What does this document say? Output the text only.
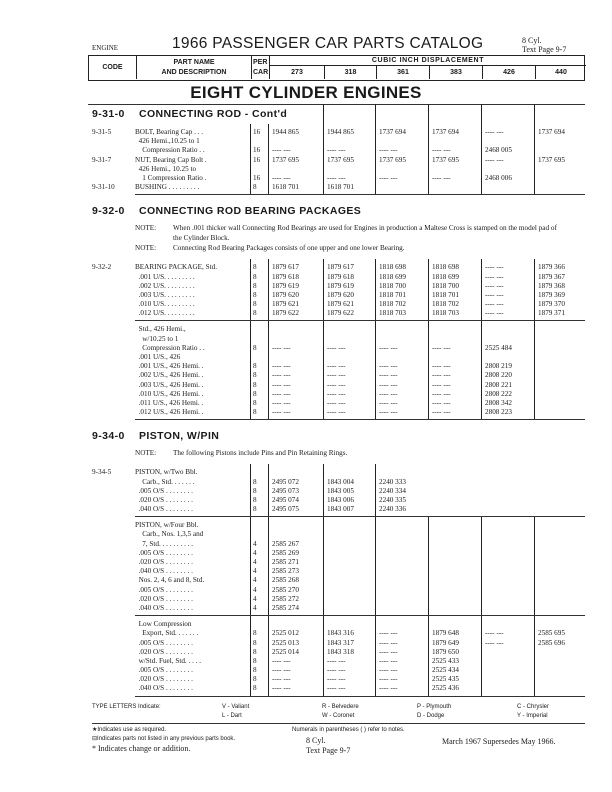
ENGINE	1966 PASSENGER CAR PARTS CATALOG	8 Cyl.
Text Page 9-7
CODE
PART NAME
AND DESCRIPTION
PER
CAR
CUBIC INCH DISPLACEMENT
273	318	361	383	426	440
EIGHT CYLINDER ENGINES
9-31-0 CONNECTING ROD - Cont'd
9-31-5	BOLT, Bearing Cap . . .	16	1944 865	1944 865	1737 694	1737 694	---- ---	1737 694
426 Hemi.,10.25 to 1
Compression Ratio . .	16	---- ---	---- ---	---- ---	---- ---	2468 005
9-31-7	NUT, Bearing Cap Bolt .	16	1737 695	1737 695	1737 695	1737 695	---- ---	1737 695
426 Hemi., 10.25 to
1 Compression Ratio .	16	---- ---	---- ---	---- ---	---- ---	2468 006
9-31-10	BUSHING . . . . . . . . .	8	1618 701	1618 701
9-32-0 CONNECTING ROD BEARING PACKAGES
NOTE:	When .001 thicker wall Connecting Rod Bearings are used for Engines in production a Maltese Cross is stamped on the model pad of the Cylinder Block.
NOTE:	Connecting Rod Bearing Packages consists of one upper and one lower Bearing.
9-32-2	BEARING PACKAGE, Std.	8	1879 617	1879 617	1818 698	1818 698	---- ---	1879 366
.001 U/S. . . . . . . . .	8	1879 618	1879 618	1818 699	1818 699	---- ---	1879 367
.002 U/S. . . . . . . . .	8	1879 619	1879 619	1818 700	1818 700	---- ---	1879 368
.003 U/S. . . . . . . . .	8	1879 620	1879 620	1818 701	1818 701	---- ---	1879 369
.010 U/S. . . . . . . . .	8	1879 621	1879 621	1818 702	1818 702	---- ---	1879 370
.012 U/S. . . . . . . . .	8	1879 622	1879 622	1818 703	1818 703	---- ---	1879 371
Std., 426 Hemi.,
w/10.25 to 1
Compression Ratio . .	8	---- ---	---- ---	---- ---	---- ---	2525 484
.001 U/S., 426
.001 U/S., 426 Hemi. .	8	---- ---	---- ---	---- ---	---- ---	2808 219
.002 U/S., 426 Hemi. .	8	---- ---	---- ---	---- ---	---- ---	2808 220
.003 U/S., 426 Hemi. .	8	---- ---	---- ---	---- ---	---- ---	2808 221
.010 U/S., 426 Hemi. .	8	---- ---	---- ---	---- ---	---- ---	2808 222
.011 U/S., 426 Hemi. .	8	---- ---	---- ---	---- ---	---- ---	2808 342
.012 U/S., 426 Hemi. .	8	---- ---	---- ---	---- ---	---- ---	2808 223
9-34-0 PISTON, W/PIN
NOTE:	The following Pistons include Pins and Pin Retaining Rings.
9-34-5	PISTON, w/Two Bbl.
Carb., Std. . . . . . .	8	2495 072	1843 004	2240 333
.005 O/S . . . . . . . .	8	2495 073	1843 005	2240 334
.020 O/S . . . . . . . .	8	2495 074	1843 006	2240 335
.040 O/S . . . . . . . .	8	2495 075	1843 007	2240 336
PISTON, w/Four Bbl.
Carb., Nos. 1,3,5 and
7, Std. . . . . . . . . .	4	2585 267
.005 O/S . . . . . . . .	4	2585 269
.020 O/S . . . . . . . .	4	2585 271
.040 O/S . . . . . . . .	4	2585 273
Nos. 2, 4, 6 and 8, Std.	4	2585 268
.005 O/S . . . . . . . .	4	2585 270
.020 O/S . . . . . . . .	4	2585 272
.040 O/S . . . . . . . .	4	2585 274
Low Compression
Export, Std. . . . . . .	8	2525 012	1843 316	---- ---	1879 648	---- ---	2585 695
.005 O/S . . . . . . . .	8	2525 013	1843 317	---- ---	1879 649	---- ---	2585 696
.020 O/S . . . . . . . .	8	2525 014	1843 318	---- ---	1879 650
w/Std. Fuel, Std. . . . .	8	---- ---	---- ---	---- ---	2525 433
.005 O/S . . . . . . . .	8	---- ---	---- ---	---- ---	2525 434
.020 O/S . . . . . . . .	8	---- ---	---- ---	---- ---	2525 435
.040 O/S . . . . . . . .	8	---- ---	---- ---	---- ---	2525 436
TYPE LETTERS Indicate:	V - Valiant	R - Belvedere	P - Plymouth	C - Chrysler
L - Dart	W - Coronet	D - Dodge	Y - Imperial
★Indicates use as required.
⊟Indicates parts not listed in any previous parts book.
* Indicates change or addition.
Numerals in parentheses ( ) refer to notes.
8 Cyl.
Text Page 9-7
March 1967 Supersedes May 1966.
